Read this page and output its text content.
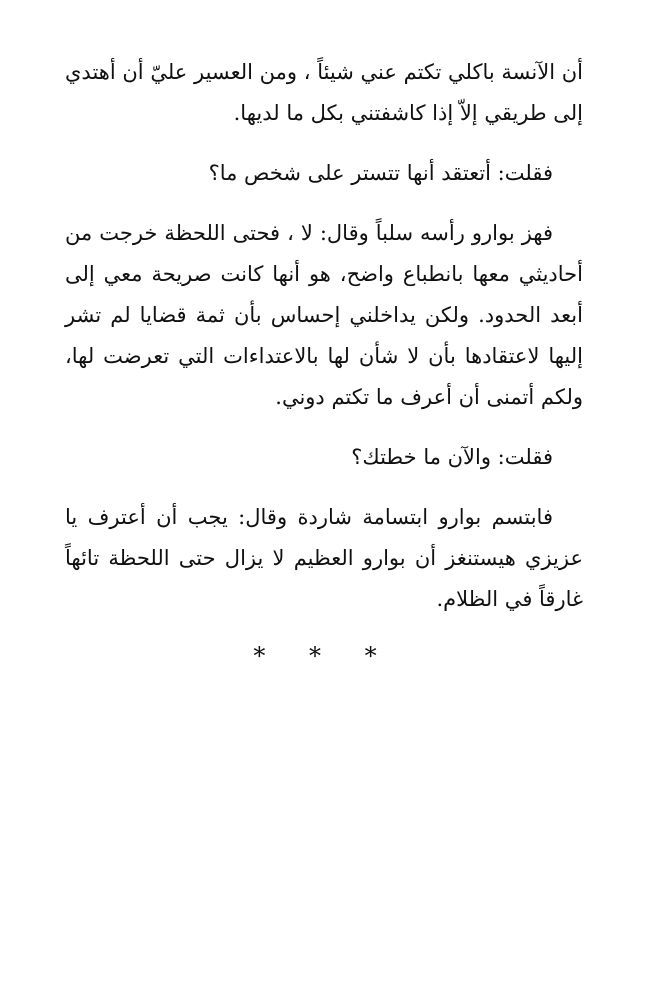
أن الآنسة باكلي تكتم عني شيئاً ، ومن العسير عليّ أن أهتدي إلى طريقي إلاّ إذا كاشفتني بكل ما لديها.

فقلت: أتعتقد أنها تتستر على شخص ما؟

فهز بوارو رأسه سلباً وقال: لا ، فحتى اللحظة خرجت من أحاديثي معها بانطباع واضح، هو أنها كانت صريحة معي إلى أبعد الحدود. ولكن يداخلني إحساس بأن ثمة قضايا لم تشر إليها لاعتقادها بأن لا شأن لها بالاعتداءات التي تعرضت لها، ولكم أتمنى أن أعرف ما تكتم دوني.

فقلت: والآن ما خطتك؟

فابتسم بوارو ابتسامة شاردة وقال: يجب أن أعترف يا عزيزي هيستنغز أن بوارو العظيم لا يزال حتى اللحظة تائهاً غارقاً في الظلام.

* * *
